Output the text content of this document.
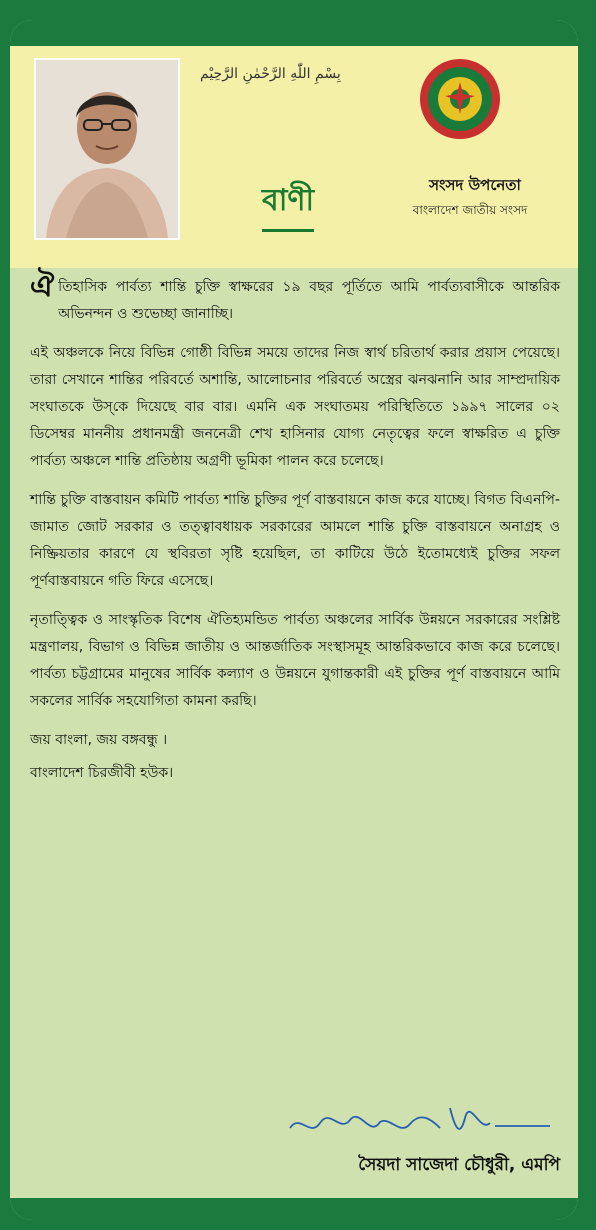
بِسْمِ اللّٰهِ الرَّحْمٰنِ الرَّحِيْم
বাণী	সংসদ উপনেতা
বাংলাদেশ জাতীয় সংসদ

ঐতিহাসিক পার্বত্য শান্তি চুক্তি স্বাক্ষরের ১৯ বছর পূর্তিতে আমি পার্বত্যবাসীকে আন্তরিক অভিনন্দন ও শুভেচ্ছা জানাচ্ছি।

এই অঞ্চলকে নিয়ে বিভিন্ন গোষ্ঠী বিভিন্ন সময়ে তাদের নিজ স্বার্থ চরিতার্থ করার প্রয়াস পেয়েছে। তারা সেখানে শান্তির পরিবর্তে অশান্তি, আলোচনার পরিবর্তে অস্ত্রের ঝনঝনানি আর সাম্প্রদায়িক সংঘাতকে উস্‌কে দিয়েছে বার বার। এমনি এক সংঘাতময় পরিস্থিতিতে ১৯৯৭ সালের ০২ ডিসেম্বর মাননীয় প্রধানমন্ত্রী জননেত্রী শেখ হাসিনার যোগ্য নেতৃত্বের ফলে স্বাক্ষরিত এ চুক্তি পার্বত্য অঞ্চলে শান্তি প্রতিষ্ঠায় অগ্রণী ভূমিকা পালন করে চলেছে।

শান্তি চুক্তি বাস্তবায়ন কমিটি পার্বত্য শান্তি চুক্তির পূর্ণ বাস্তবায়নে কাজ করে যাচ্ছে। বিগত বিএনপি-জামাত জোট সরকার ও তত্ত্বাবধায়ক সরকারের আমলে শান্তি চুক্তি বাস্তবায়নে অনাগ্রহ ও নিষ্ক্রিয়তার কারণে যে স্থবিরতা সৃষ্টি হয়েছিল, তা কাটিয়ে উঠে ইতোমধ্যেই চুক্তির সফল পূর্ণবাস্তবায়নে গতি ফিরে এসেছে।

নৃতাত্ত্বিক ও সাংস্কৃতিক বিশেষ ঐতিহ্যমন্ডিত পার্বত্য অঞ্চলের সার্বিক উন্নয়নে সরকারের সংশ্লিষ্ট মন্ত্রণালয়, বিভাগ ও বিভিন্ন জাতীয় ও আন্তর্জাতিক সংস্থাসমূহ আন্তরিকভাবে কাজ করে চলেছে। পার্বত্য চট্টগ্রামের মানুষের সার্বিক কল্যাণ ও উন্নয়নে যুগান্তকারী এই চুক্তির পূর্ণ বাস্তবায়নে আমি সকলের সার্বিক সহযোগিতা কামনা করছি।

জয় বাংলা, জয় বঙ্গবন্ধু ।

বাংলাদেশ চিরজীবী হউক।

সৈয়দা সাজেদা চৌধুরী, এমপি
